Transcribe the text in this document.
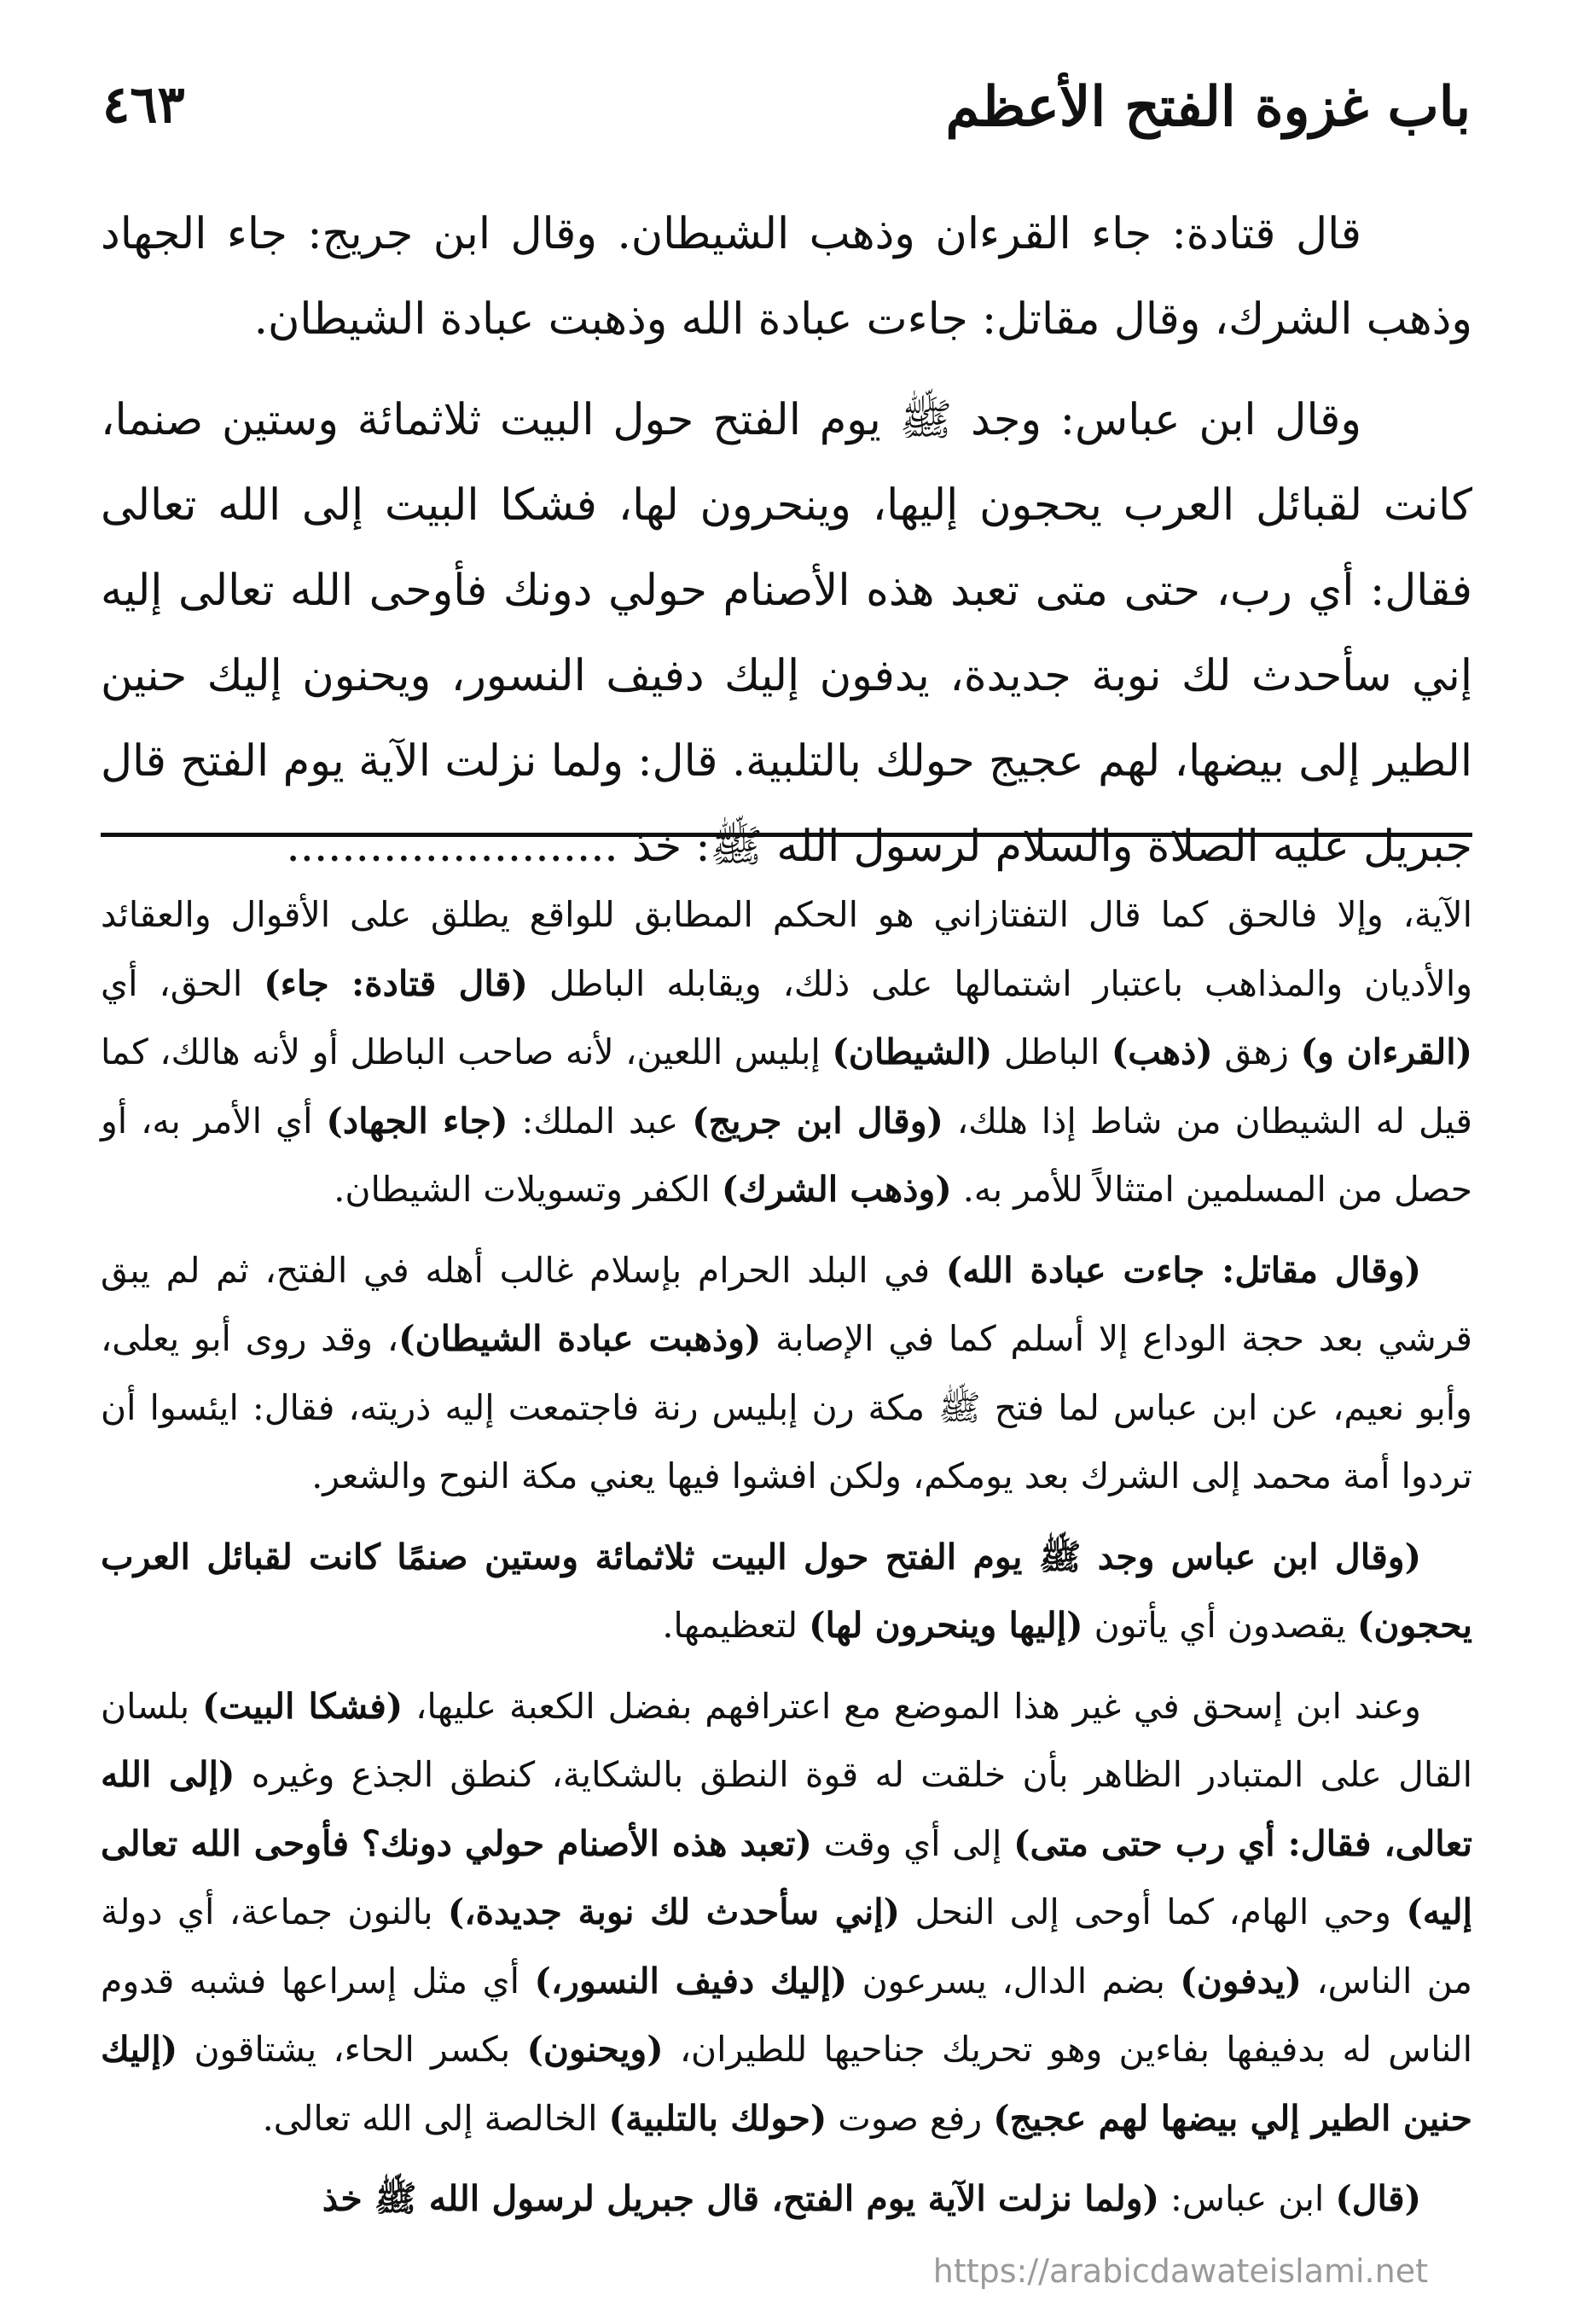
باب غزوة الفتح الأعظم
٤٦٣

قال قتادة: جاء القرءان وذهب الشيطان. وقال ابن جريج: جاء الجهاد وذهب الشرك، وقال مقاتل: جاءت عبادة الله وذهبت عبادة الشيطان.

وقال ابن عباس: وجد ﷺ يوم الفتح حول البيت ثلاثمائة وستين صنما، كانت لقبائل العرب يحجون إليها، وينحرون لها، فشكا البيت إلى الله تعالى فقال: أي رب، حتى متى تعبد هذه الأصنام حولي دونك فأوحى الله تعالى إليه إني سأحدث لك نوبة جديدة، يدفون إليك دفيف النسور، ويحنون إليك حنين الطير إلى بيضها، لهم عجيج حولك بالتلبية. قال: ولما نزلت الآية يوم الفتح قال جبريل عليه الصلاة والسلام لرسول الله ﷺ: خذ ........................

الآية، وإلا فالحق كما قال التفتازاني هو الحكم المطابق للواقع يطلق على الأقوال والعقائد والأديان والمذاهب باعتبار اشتمالها على ذلك، ويقابله الباطل (قال قتادة: جاء) الحق، أي (القرءان و) زهق (ذهب) الباطل (الشيطان) إبليس اللعين، لأنه صاحب الباطل أو لأنه هالك، كما قيل له الشيطان من شاط إذا هلك، (وقال ابن جريج) عبد الملك: (جاء الجهاد) أي الأمر به، أو حصل من المسلمين امتثالاً للأمر به. (وذهب الشرك) الكفر وتسويلات الشيطان.

(وقال مقاتل: جاءت عبادة الله) في البلد الحرام بإسلام غالب أهله في الفتح، ثم لم يبق قرشي بعد حجة الوداع إلا أسلم كما في الإصابة (وذهبت عبادة الشيطان)، وقد روى أبو يعلى، وأبو نعيم، عن ابن عباس لما فتح ﷺ مكة رن إبليس رنة فاجتمعت إليه ذريته، فقال: ايئسوا أن تردوا أمة محمد إلى الشرك بعد يومكم، ولكن افشوا فيها يعني مكة النوح والشعر.

(وقال ابن عباس وجد ﷺ يوم الفتح حول البيت ثلاثمائة وستين صنمًا كانت لقبائل العرب يحجون) يقصدون أي يأتون (إليها وينحرون لها) لتعظيمها.

وعند ابن إسحق في غير هذا الموضع مع اعترافهم بفضل الكعبة عليها، (فشكا البيت) بلسان القال على المتبادر الظاهر بأن خلقت له قوة النطق بالشكاية، كنطق الجذع وغيره (إلى الله تعالى، فقال: أي رب حتى متى) إلى أي وقت (تعبد هذه الأصنام حولي دونك؟ فأوحى الله تعالى إليه) وحي الهام، كما أوحى إلى النحل (إني سأحدث لك نوبة جديدة،) بالنون جماعة، أي دولة من الناس، (يدفون) بضم الدال، يسرعون (إليك دفيف النسور،) أي مثل إسراعها فشبه قدوم الناس له بدفيفها بفاءين وهو تحريك جناحيها للطيران، (ويحنون) بكسر الحاء، يشتاقون (إليك حنين الطير إلي بيضها لهم عجيج) رفع صوت (حولك بالتلبية) الخالصة إلى الله تعالى.

(قال) ابن عباس: (ولما نزلت الآية يوم الفتح، قال جبريل لرسول الله ﷺ خذ

https://arabicdawateislami.net
